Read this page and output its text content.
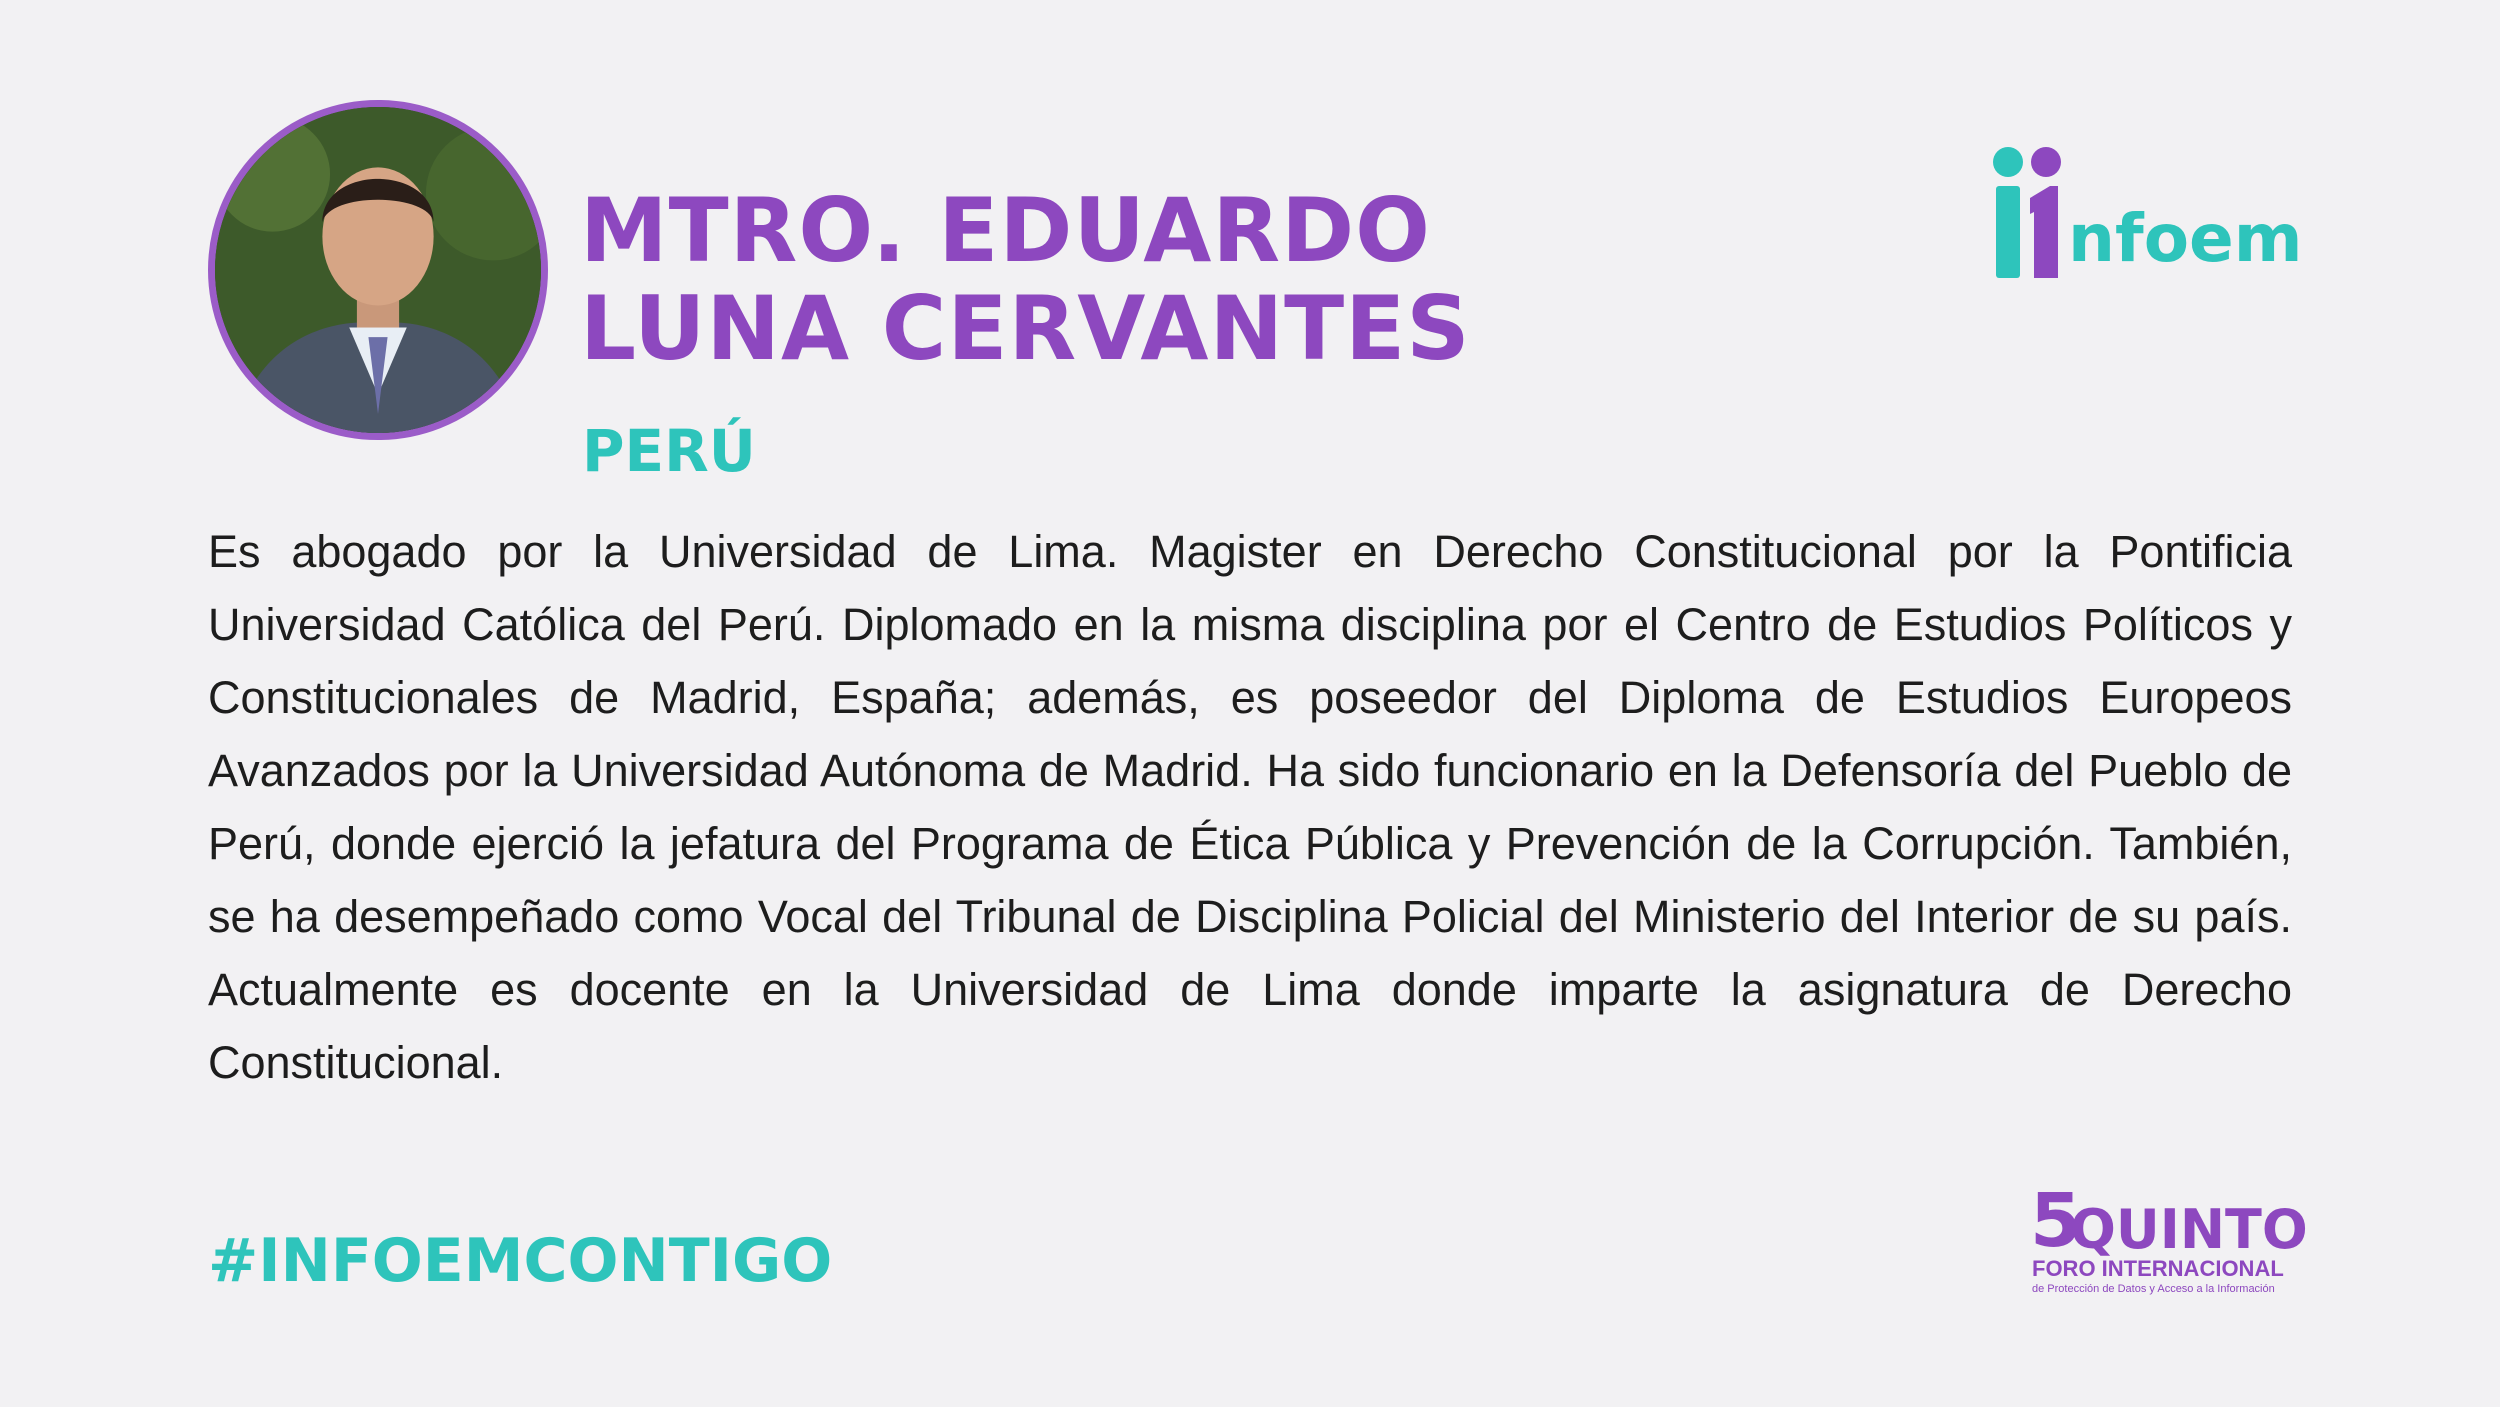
MTRO. EDUARDO
LUNA CERVANTES

PERÚ

Es abogado por la Universidad de Lima. Magister en Derecho Constitucional por la Pontificia Universidad Católica del Perú. Diplomado en la misma disciplina por el Centro de Estudios Políticos y Constitucionales de Madrid, España; además, es poseedor del Diploma de Estudios Europeos Avanzados por la Universidad Autónoma de Madrid. Ha sido funcionario en la Defensoría del Pueblo de Perú, donde ejerció la jefatura del Programa de Ética Pública y Prevención de la Corrupción. También, se ha desempeñado como Vocal del Tribunal de Disciplina Policial del Ministerio del Interior de su país. Actualmente es docente en la Universidad de Lima donde imparte la asignatura de Derecho Constitucional.

#INFOEMCONTIGO

nfoem
5
QUINTO
FORO INTERNACIONAL
de Protección de Datos y Acceso a la Información
